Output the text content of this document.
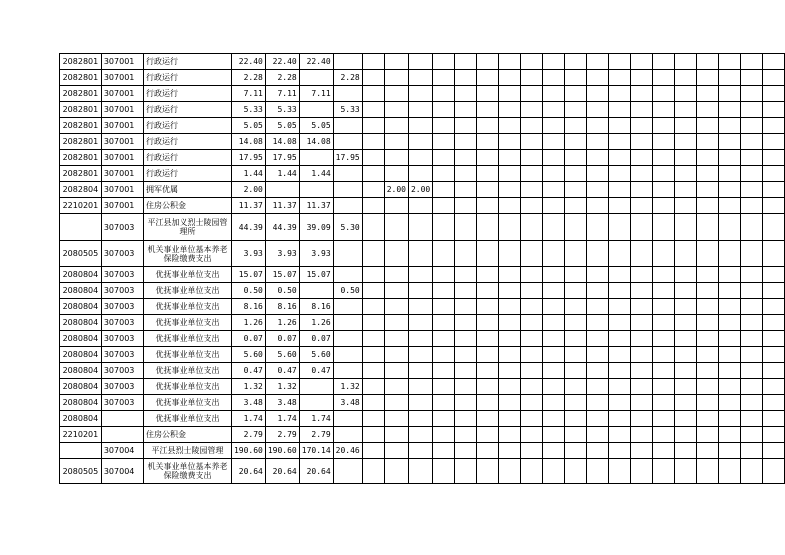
2082801	307001	行政运行	22.40	22.40	22.40																				
2082801	307001	行政运行	2.28	2.28		2.28																			
2082801	307001	行政运行	7.11	7.11	7.11																				
2082801	307001	行政运行	5.33	5.33		5.33																			
2082801	307001	行政运行	5.05	5.05	5.05																				
2082801	307001	行政运行	14.08	14.08	14.08																				
2082801	307001	行政运行	17.95	17.95		17.95																			
2082801	307001	行政运行	1.44	1.44	1.44																				
2082804	307001	拥军优属	2.00					2.00	2.00																
2210201	307001	住房公积金	11.37	11.37	11.37																				
	307003	平江县加义烈士陵园管理所	44.39	44.39	39.09	5.30																			
2080505	307003	机关事业单位基本养老保险缴费支出	3.93	3.93	3.93																				
2080804	307003	优抚事业单位支出	15.07	15.07	15.07																				
2080804	307003	优抚事业单位支出	0.50	0.50		0.50																			
2080804	307003	优抚事业单位支出	8.16	8.16	8.16																				
2080804	307003	优抚事业单位支出	1.26	1.26	1.26																				
2080804	307003	优抚事业单位支出	0.07	0.07	0.07																				
2080804	307003	优抚事业单位支出	5.60	5.60	5.60																				
2080804	307003	优抚事业单位支出	0.47	0.47	0.47																				
2080804	307003	优抚事业单位支出	1.32	1.32		1.32																			
2080804	307003	优抚事业单位支出	3.48	3.48		3.48																			
2080804		优抚事业单位支出	1.74	1.74	1.74																				
2210201		住房公积金	2.79	2.79	2.79																				
	307004	平江县烈士陵园管理	190.60	190.60	170.14	20.46																			
2080505	307004	机关事业单位基本养老保险缴费支出	20.64	20.64	20.64																				
